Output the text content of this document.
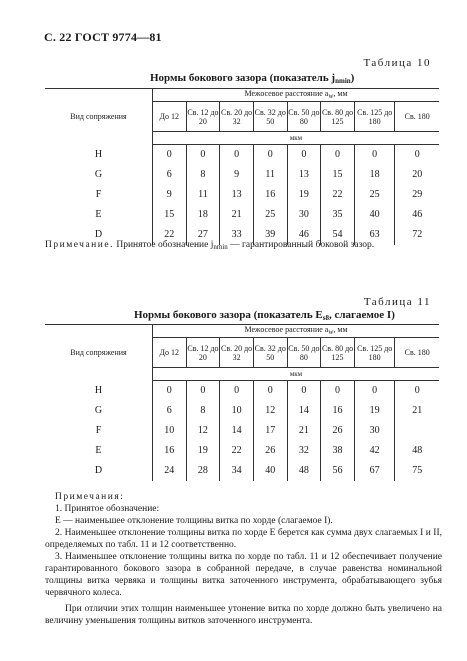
С. 22 ГОСТ 9774—81
Таблица 10
Нормы бокового зазора (показатель $j_{nmin}$)
Вид сопряжения	Межосевое расстояние aw, мм							
	До 12	Св. 12 до 20	Св. 20 до 32	Св. 32 до 50	Св. 50 до 80	Св. 80 до 125	Св. 125 до 180	Св. 180
	мкм							
H	0	0	0	0	0	0	0	0
G	6	8	9	11	13	15	18	20
F	9	11	13	16	19	22	25	29
E	15	18	21	25	30	35	40	46
D	22	27	33	39	46	54	63	72
Примечание. Принятое обозначение $j_{nmin}$ — гарантированный боковой зазор.
Таблица 11
Нормы бокового зазора (показатель $E_{s8}$, слагаемое I)
Вид сопряжения	Межосевое расстояние aw, мм							
	До 12	Св. 12 до 20	Св. 20 до 32	Св. 32 до 50	Св. 50 до 80	Св. 80 до 125	Св. 125 до 180	Св. 180
	мкм							
H	0	0	0	0	0	0	0	0
G	6	8	10	12	14	16	19	21
F	10	12	14	17	21	26	30	
E	16	19	22	26	32	38	42	48
D	24	28	34	40	48	56	67	75
Примечания:
1. Принятое обозначение:
E — наименьшее отклонение толщины витка по хорде (слагаемое I).
2. Наименьшее отклонение толщины витка по хорде E берется как сумма двух слагаемых I и II, определяемых по табл. 11 и 12 соответственно.
3. Наименьшее отклонение толщины витка по хорде по табл. 11 и 12 обеспечивает получение гарантированного бокового зазора в собранной передаче, в случае равенства номинальной толщины витка червяка и толщины витка заточенного инструмента, обрабатывающего зубья червячного колеса.
При отличии этих толщин наименьшее утонение витка по хорде должно быть увеличено на величину уменьшения толщины витков заточенного инструмента.
